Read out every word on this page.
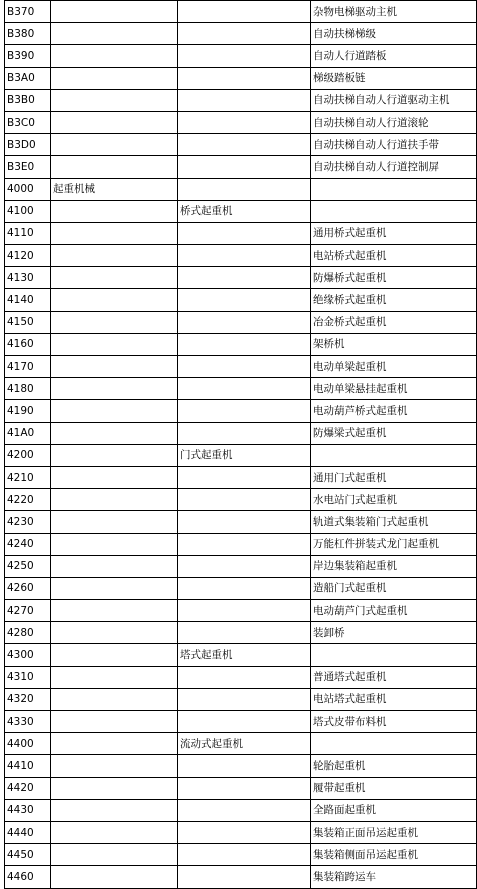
B370			杂物电梯驱动主机
B380			自动扶梯梯级
B390			自动人行道踏板
B3A0			梯级踏板链
B3B0			自动扶梯自动人行道驱动主机
B3C0			自动扶梯自动人行道滚轮
B3D0			自动扶梯自动人行道扶手带
B3E0			自动扶梯自动人行道控制屏
4000	起重机械		
4100		桥式起重机	
4110			通用桥式起重机
4120			电站桥式起重机
4130			防爆桥式起重机
4140			绝缘桥式起重机
4150			冶金桥式起重机
4160			架桥机
4170			电动单梁起重机
4180			电动单梁悬挂起重机
4190			电动葫芦桥式起重机
41A0			防爆梁式起重机
4200		门式起重机	
4210			通用门式起重机
4220			水电站门式起重机
4230			轨道式集装箱门式起重机
4240			万能杠件拼装式龙门起重机
4250			岸边集装箱起重机
4260			造船门式起重机
4270			电动葫芦门式起重机
4280			装卸桥
4300		塔式起重机	
4310			普通塔式起重机
4320			电站塔式起重机
4330			塔式皮带布料机
4400		流动式起重机	
4410			轮胎起重机
4420			履带起重机
4430			全路面起重机
4440			集装箱正面吊运起重机
4450			集装箱侧面吊运起重机
4460			集装箱跨运车
